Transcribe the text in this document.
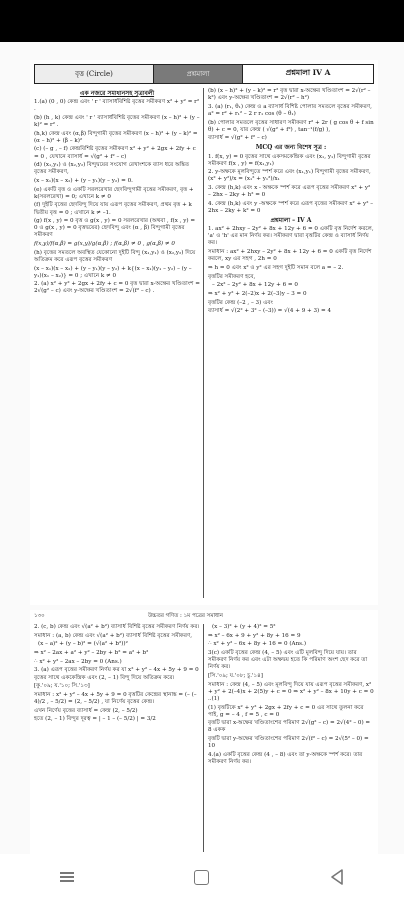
বৃত্ত (Circle)	প্রশ্নমালা	প্রশ্নমালা IV A

এক নজরে সমাধানসহ সূত্রাবলী

1.(a) (0 , 0) কেন্দ্র এবং ' r ' ব্যাসার্ধবিশিষ্ট বৃত্তের সমীকরণ x² + y² = r² .

(b) (h , k) কেন্দ্র এবং ' r ' ব্যাসার্ধবিশিষ্ট বৃত্তের সমীকরণ (x – h)² + (y – k)² = r² .

(h,k) কেন্দ্র এবং (α,β) বিন্দুগামী বৃত্তের সমীকরণ (x – h)² + (y – k)² = (α – h)² + (β – k)²

(c) (– g , – f) কেন্দ্রবিশিষ্ট বৃত্তের সমীকরণ x² + y² + 2gx + 2fy + c = 0 , যেখানে ব্যাসার্ধ = √(g² + f² – c)

(d) (x₁,y₁) ও (x₂,y₂) বিন্দুদ্বয়ের সংযোগ রেখাংশকে ব্যাস ধরে অঙ্কিত বৃত্তের সমীকরণ,

(x – x₁)(x – x₂) + (y – y₁)(y – y₂) = 0.

(e) একটি বৃত্ত ও একটি সরলরেখার ছেদবিন্দুগামী বৃত্তের সমীকরণ, বৃত্ত + k(সরলরেখা) = 0; এখানে k ≠ 0

(f) দুইটি বৃত্তের ছেদবিন্দু দিয়ে যায় এরূপ বৃত্তের সমীকরণ, প্রথম বৃত্ত + k দ্বিতীয় বৃত্ত = 0 ; এখানে k ≠ –1.

(g) f(x , y) = 0 বৃত্ত ও g(x , y) = 0 সরলরেখার (অথবা , f(x , y) = 0 ও g(x , y) = 0 বৃত্তদ্বয়ের) ছেদবিন্দু এবং (α , β) বিন্দুগামী বৃত্তের সমীকরণ

f(x,y)/f(α,β) = g(x,y)/g(α,β) ; f(α,β) ≠ 0 , g(α,β) ≠ 0

(h) বৃত্তের সমতলে অবস্থিত যেকোনো দুইটি বিন্দু (x₁,y₁) ও (x₂,y₂) দিয়ে অতিক্রম করে এরূপ বৃত্তের সমীকরণ

(x – x₁)(x – x₂) + (y – y₁)(y – y₂) + k{(x – x₁)(y₁ – y₂) – (y – y₁)(x₁ – x₂)} = 0 ; এখানে k ≠ 0

2. (a) x² + y² + 2gx + 2fy + c = 0 বৃত্ত দ্বারা x-অক্ষের খণ্ডিতাংশ = 2√(g² – c) এবং y-অক্ষের খণ্ডিতাংশ = 2√(f² – c) .

(b) (x – h)² + (y – k)² = r² বৃত্ত দ্বারা x-অক্ষের খণ্ডিতাংশ = 2√(r² – k²) এবং y-অক্ষের খণ্ডিতাংশ = 2√(r² – h²)

3. (a) (r₁, θ₁) কেন্দ্র ও a ব্যাসার্ধ বিশিষ্ট পোলার সমতলে বৃত্তের সমীকরণ, a² = r² + r₁² – 2 r r₁ cos (θ – θ₁)

(b) পোলার সমতলে বৃত্তের সাধারণ সমীকরণ r² + 2r ( g cos θ + f sin θ) + c = 0, যার কেন্দ্র ( √(g² + f²) , tan⁻¹(f/g) ),

ব্যাসার্ধ = √(g² + f² – c)

MCQ এর জন্য বিশেষ সূত্র :

1. f(x, y) = 0 বৃত্তের সাথে একসমকেন্দ্রিক এবং (x₁, y₁) বিন্দুগামী বৃত্তের সমীকরণ f(x , y) = f(x₁,y₁)

2. y-অক্ষকে মূলবিন্দুতে স্পর্শ করে এবং (x₁,y₁) বিন্দুগামী বৃত্তের সমীকরণ, (x² + y²)/x = (x₁² + y₁²)/x₁

3. কেন্দ্র (h,k) এবং x - অক্ষকে স্পর্শ করে এরূপ বৃত্তের সমীকরণ x² + y² – 2hx – 2ky + h² = 0

4. কেন্দ্র (h,k) এবং y -অক্ষকে স্পর্শ করে এরূপ বৃত্তের সমীকরণ x² + y² – 2hx – 2ky + k² = 0

প্রশ্নমালা – IV A

1. ax² + 2hxy – 2y² + 8x + 12y + 6 = 0 একটি বৃত্ত নির্দেশ করলে, 'a' ও 'h' এর মান নির্ণয় কর। সমীকরণ দ্বারা বৃত্তটির কেন্দ্র ও ব্যাসার্ধ নির্ণয় কর।

সমাধান : ax² + 2hxy – 2y² + 8x + 12y + 6 = 0 একটি বৃত্ত নির্দেশ করলে, xy এর সহগ , 2h = 0

⇒ h = 0 এবং x² ও y² এর সহগ দুইটি সমান বলে a = – 2.

বৃত্তটির সমীকরণ হবে,

– 2x² – 2y² + 8x + 12y + 6 = 0

⇒ x² + y² + 2(–2)x + 2(–3)y – 3 = 0

বৃত্তটির কেন্দ্র (–2 , – 3) এবং

ব্যাসার্ধ = √(2² + 3² – (–3)) = √(4 + 9 + 3) = 4

১৩০	উচ্চতর গণিত : ১ম পত্রের সমাধান

2. (c, b) কেন্দ্র এবং √(a² + b²) ব্যাসার্ধ বিশিষ্ট বৃত্তের সমীকরণ নির্ণয় কর।

সমাধান : (a, b) কেন্দ্র এবং √(a² + b²) ব্যাসার্ধ বিশিষ্ট বৃত্তের সমীকরণ,

(x – a)² + (y – b)² = (√(a² + b²))²

⇒ x² – 2ax + a² + y² – 2by + b² = a² + b²

∴ x² + y² – 2ax – 2by = 0 (Ans.)

3. (a) এরূপ বৃত্তের সমীকরণ নির্ণয় কর যা x² + y² – 4x + 5y + 9 = 0 বৃত্তের সাথে এককেন্দ্রিক এবং (2, – 1) বিন্দু দিয়ে অতিক্রম করে।

[কু.'০৯; য.'১০; সি.'১৩]

সমাধান : x² + y² – 4x + 5y + 9 = 0 বৃত্তটির কেন্দ্রের স্থানাঙ্ক = (– (–4)/2 , – 5/2) = (2, – 5/2) , যা নির্ণেয় বৃত্তের কেন্দ্র।

এখন নির্ণেয় বৃত্তের ব্যাসার্ধ = কেন্দ্র (2, – 5/2)

হতে (2, – 1) বিন্দুর দূরত্ব = | – 1 – (– 5/2) | = 3/2

(x – 3)² + (y + 4)² = 5²

⇒ x² – 6x + 9 + y² + 8y + 16 = 9

∴ x² + y² – 6x + 8y + 16 = 0 (Ans.)

3(c) একটি বৃত্তের কেন্দ্র (4, – 5) এবং এটি মূলবিন্দু দিয়ে যায়। তার সমীকরণ নির্ণয় কর এবং এটা অক্ষদ্বয় হতে কি পরিমাণ অংশ ছেদ করে তা নির্ণয় কর।

[সি.'০৯; য.'০৮; চু.'১৪]

সমাধান : কেন্দ্র (4, – 5) এবং মূলবিন্দু দিয়ে যায় এরূপ বৃত্তের সমীকরণ, x² + y² + 2(–4)x + 2(5)y + c = 0 ⇒ x² + y² – 8x + 10y + c = 0 ..(1)

(1) বৃত্তটিকে x² + y² + 2gx + 2fy + c = 0 এর সাথে তুলনা করে পাই, g = – 4 , f = 5 , c = 0

বৃত্তটি দ্বারা x-অক্ষের খণ্ডিতাংশের পরিমাণ 2√(g² – c) = 2√(4² – 0) = 8 একক

বৃত্তটি দ্বারা y-অক্ষের খণ্ডিতাংশের পরিমাণ 2√(f² – c) = 2√(5² – 0) = 10

4.(a) একটি বৃত্তের কেন্দ্র (4 , – 8) এবং তা y-অক্ষকে স্পর্শ করে। তার সমীকরণ নির্ণয় কর।
